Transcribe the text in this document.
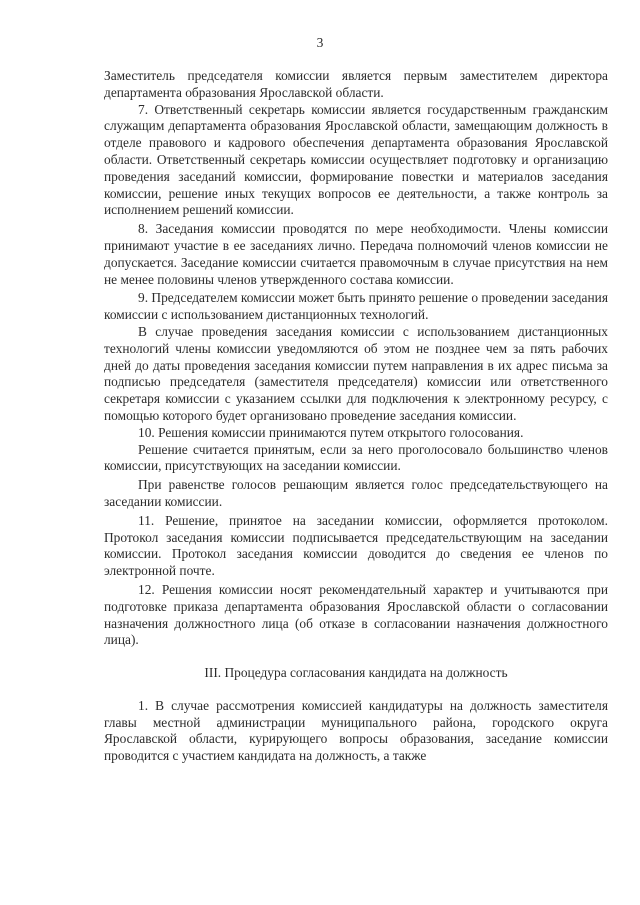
3

Заместитель председателя комиссии является первым заместителем директора департамента образования Ярославской области.

7. Ответственный секретарь комиссии является государственным гражданским служащим департамента образования Ярославской области, замещающим должность в отделе правового и кадрового обеспечения департамента образования Ярославской области. Ответственный секретарь комиссии осуществляет подготовку и организацию проведения заседаний комиссии, формирование повестки и материалов заседания комиссии, решение иных текущих вопросов ее деятельности, а также контроль за исполнением решений комиссии.

8. Заседания комиссии проводятся по мере необходимости. Члены комиссии принимают участие в ее заседаниях лично. Передача полномочий членов комиссии не допускается. Заседание комиссии считается правомочным в случае присутствия на нем не менее половины членов утвержденного состава комиссии.

9. Председателем комиссии может быть принято решение о проведении заседания комиссии с использованием дистанционных технологий.

В случае проведения заседания комиссии с использованием дистанционных технологий члены комиссии уведомляются об этом не позднее чем за пять рабочих дней до даты проведения заседания комиссии путем направления в их адрес письма за подписью председателя (заместителя председателя) комиссии или ответственного секретаря комиссии с указанием ссылки для подключения к электронному ресурсу, с помощью которого будет организовано проведение заседания комиссии.

10. Решения комиссии принимаются путем открытого голосования.

Решение считается принятым, если за него проголосовало большинство членов комиссии, присутствующих на заседании комиссии.

При равенстве голосов решающим является голос председательствующего на заседании комиссии.

11. Решение, принятое на заседании комиссии, оформляется протоколом. Протокол заседания комиссии подписывается председательствующим на заседании комиссии. Протокол заседания комиссии доводится до сведения ее членов по электронной почте.

12. Решения комиссии носят рекомендательный характер и учитываются при подготовке приказа департамента образования Ярославской области о согласовании назначения должностного лица (об отказе в согласовании назначения должностного лица).

III. Процедура согласования кандидата на должность

1. В случае рассмотрения комиссией кандидатуры на должность заместителя главы местной администрации муниципального района, городского округа Ярославской области, курирующего вопросы образования, заседание комиссии проводится с участием кандидата на должность, а также
